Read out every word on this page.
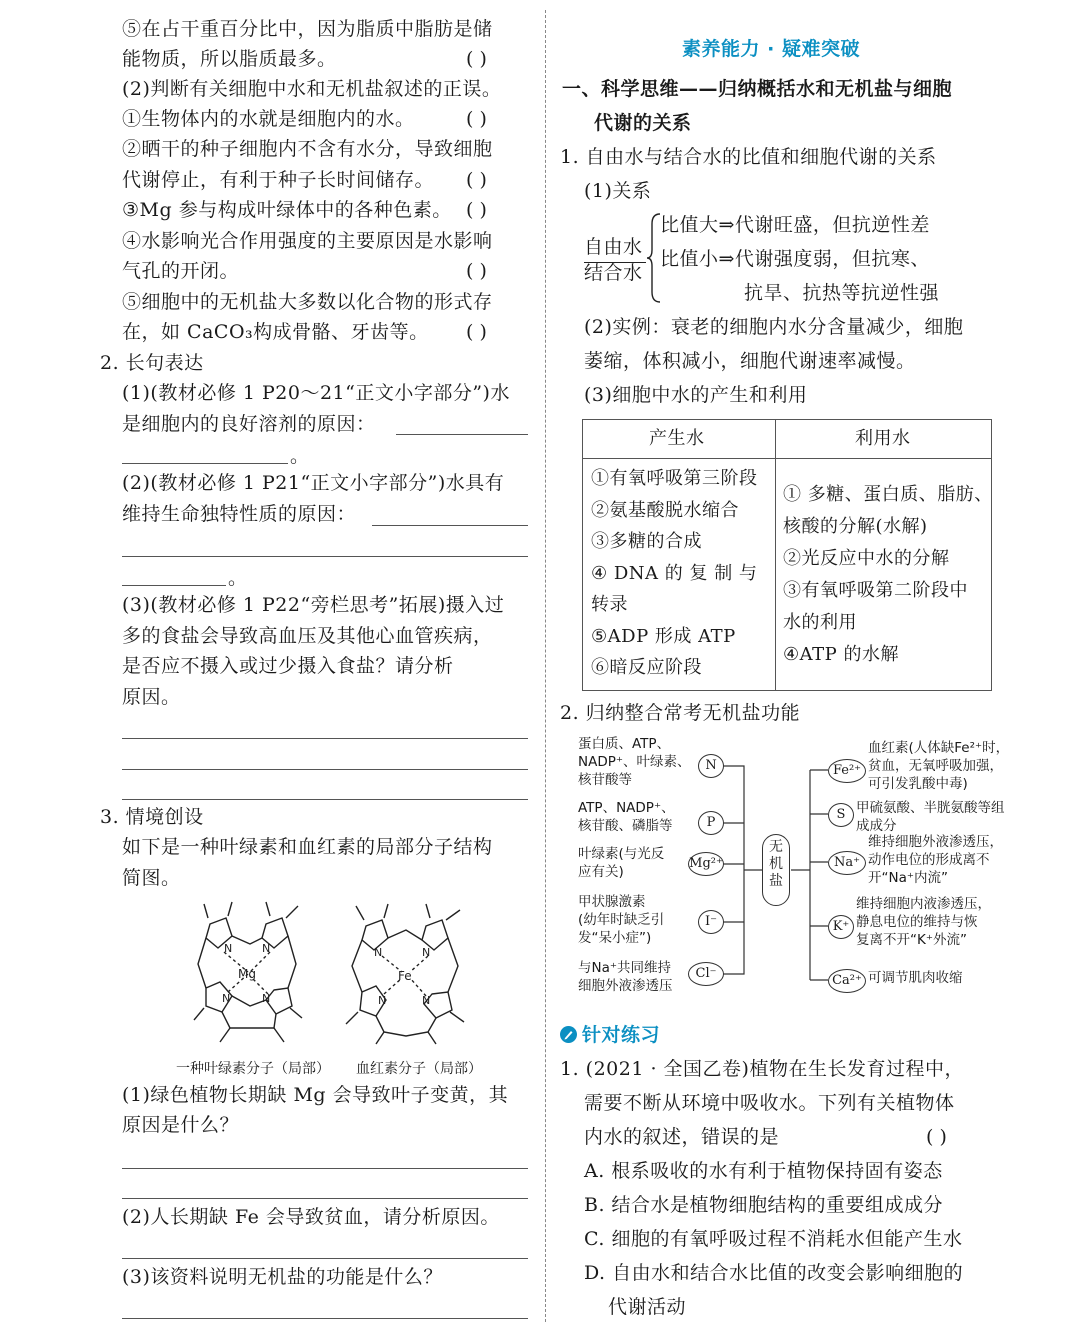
⑤在占干重百分比中，因为脂质中脂肪是储
能物质，所以脂质最多。	( )
(2)判断有关细胞中水和无机盐叙述的正误。
①生物体内的水就是细胞内的水。	( )
②晒干的种子细胞内不含有水分，导致细胞
代谢停止，有利于种子长时间储存。 ( )
③Mg 参与构成叶绿体中的各种色素。 ( )
④水影响光合作用强度的主要原因是水影响
气孔的开闭。	( )
⑤细胞中的无机盐大多数以化合物的形式存
在，如 CaCO₃构成骨骼、牙齿等。 ( )
2. 长句表达
(1)(教材必修 1 P20～21“正文小字部分”)水
是细胞内的良好溶剂的原因：
。
(2)(教材必修 1 P21“正文小字部分”)水具有
维持生命独特性质的原因：
。
(3)(教材必修 1 P22“旁栏思考”拓展)摄入过
多的食盐会导致高血压及其他心血管疾病，
是否应不摄入或过少摄入食盐？请分析
原因。
3. 情境创设
如下是一种叶绿素和血红素的局部分子结构
简图。
N	N
N	N
Mg
N	N
N	N
Fe
一种叶绿素分子（局部） 血红素分子（局部）
(1)绿色植物长期缺 Mg 会导致叶子变黄，其
原因是什么？
(2)人长期缺 Fe 会导致贫血，请分析原因。
(3)该资料说明无机盐的功能是什么？
素养能力 · 疑难突破
一、科学思维——归纳概括水和无机盐与细胞
代谢的关系
1. 自由水与结合水的比值和细胞代谢的关系
(1)关系
自由水
结合水
比值大⇒代谢旺盛，但抗逆性差
比值小⇒代谢强度弱，但抗寒、
抗旱、抗热等抗逆性强
(2)实例：衰老的细胞内水分含量减少，细胞
萎缩，体积减小，细胞代谢速率减慢。
(3)细胞中水的产生和利用
产生水	利用水
①有氧呼吸第三阶段
②氨基酸脱水缩合
③多糖的合成
④ DNA 的 复 制 与
转录
⑤ADP 形成 ATP
⑥暗反应阶段
① 多糖、蛋白质、脂肪、
核酸的分解(水解)
②光反应中水的分解
③有氧呼吸第二阶段中
水的利用
④ATP 的水解
2. 归纳整合常考无机盐功能
无
机
盐
N
蛋白质、ATP、
NADP⁺、叶绿素、
核苷酸等
P
ATP、NADP⁺、
核苷酸、磷脂等
Mg²⁺
叶绿素(与光反
应有关)
I⁻
甲状腺激素
(幼年时缺乏引
发“呆小症”)
Cl⁻
与Na⁺共同维持
细胞外液渗透压
Fe²⁺
血红素(人体缺Fe²⁺时，
贫血，无氧呼吸加强，
可引发乳酸中毒)
S 甲硫氨酸、半胱氨酸等组
成成分
Na⁺
维持细胞外液渗透压，
动作电位的形成离不
开“Na⁺内流”
K⁺
维持细胞内液渗透压，
静息电位的维持与恢
复离不开“K⁺外流”
Ca²⁺ 可调节肌肉收缩
针对练习
1. (2021 · 全国乙卷)植物在生长发育过程中，
需要不断从环境中吸收水。下列有关植物体
内水的叙述，错误的是	( )
A. 根系吸收的水有利于植物保持固有姿态
B. 结合水是植物细胞结构的重要组成成分
C. 细胞的有氧呼吸过程不消耗水但能产生水
D. 自由水和结合水比值的改变会影响细胞的
代谢活动
